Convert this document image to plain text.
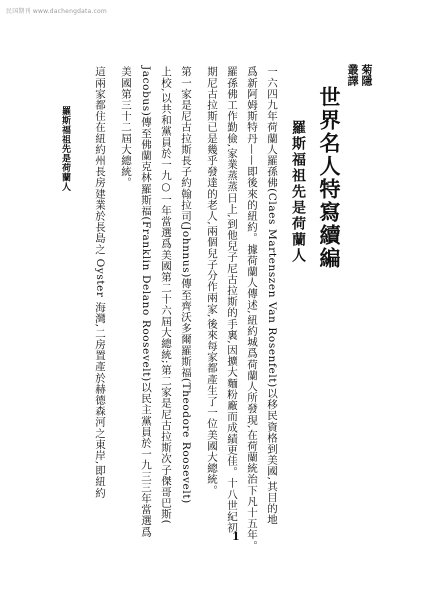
民国期刊 www.dachengdata.com
菊隱
叢譯
世界名人特寫續編
羅斯福祖先是荷蘭人
一六四九年荷蘭人羅孫佛(Claes Martenszen Van Rosenfelt)以移民資格到美國,其目的地
爲新阿姆斯特丹——即後來的紐約。據荷蘭人傳述,紐約城爲荷蘭人所發現,在荷蘭統治下凡十五年。
羅孫佛工作勤儉,家業蒸蒸日上,到他兒子尼古拉斯的手裏,因擴大麵粉廠而成績更佳。十八世紀初
期尼古拉斯已是幾乎發達的老人,兩個兒子分作兩家,後來每家都產生了一位美國大總統。
第一家是尼古拉斯長子約翰拉司(Johnnus)傳至齊沃多爾羅斯福(Theodore Roosevelt)
上校,以共和黨員於一九○一年當選爲美國第二十六屆大總統;第二家是尼古拉斯次子傑哥巴斯(
Jacobus)傳至佛蘭克林羅斯福(Franklin Delano Roosevelt)以民主黨員於一九三三年當選爲
美國第三十二屆大總統。
這兩家都住在紐約州長房建業於長島之 Oyster 海灣,二房置產於赫德森河之東岸,即紐約
羅斯福祖先是荷蘭人
1
